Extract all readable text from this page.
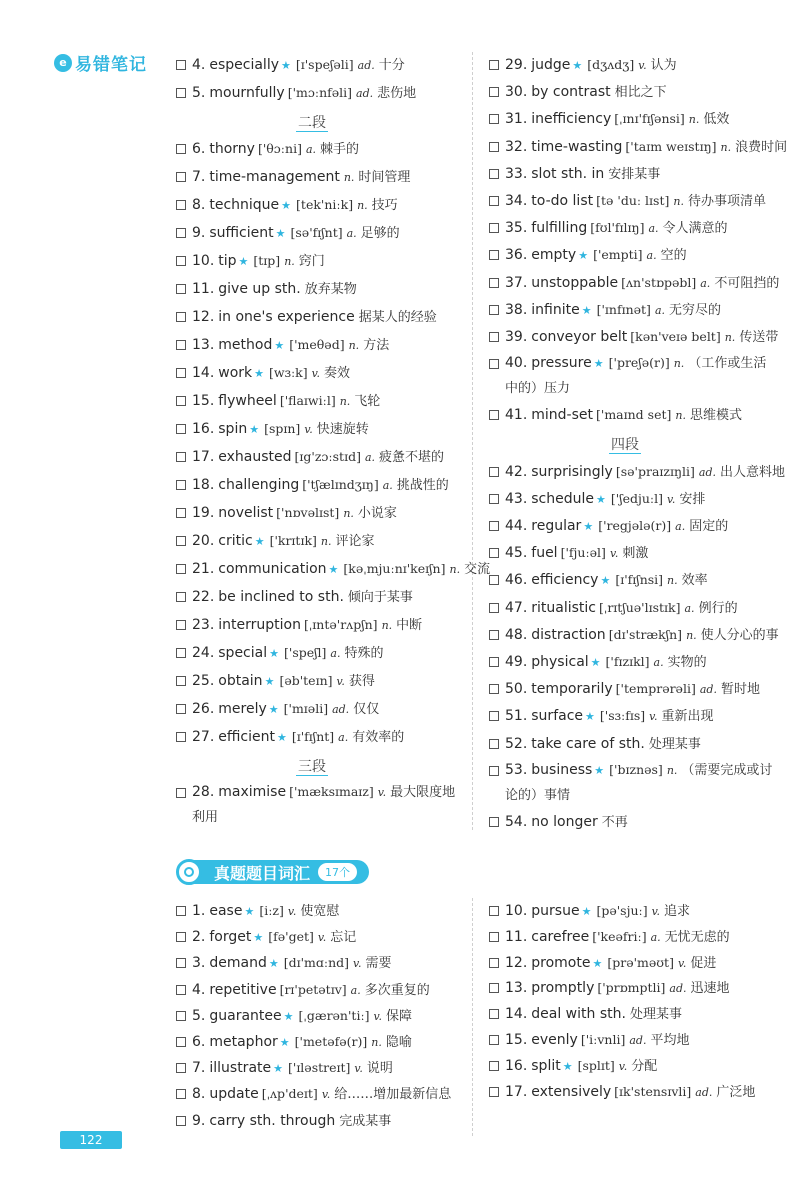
e 易错笔记	4. especially ★ [ɪ'speʃəli] ad. 十分
5. mournfully ['mɔːnfəli] ad. 悲伤地
二段
6. thorny ['θɔːni] a. 棘手的
7. time-management n. 时间管理
8. technique ★ [tek'niːk] n. 技巧
9. sufficient ★ [sə'fɪʃnt] a. 足够的
10. tip ★ [tɪp] n. 窍门
11. give up sth. 放弃某物
12. in one's experience 据某人的经验
13. method ★ ['meθəd] n. 方法
14. work ★ [wɜːk] v. 奏效
15. flywheel ['flaɪwiːl] n. 飞轮
16. spin ★ [spɪn] v. 快速旋转
17. exhausted [ɪg'zɔːstɪd] a. 疲惫不堪的
18. challenging ['tʃælɪndʒɪŋ] a. 挑战性的
19. novelist ['nɒvəlɪst] n. 小说家
20. critic ★ ['krɪtɪk] n. 评论家
21. communication ★ [kəˌmjuːnɪ'keɪʃn] n. 交流
22. be inclined to sth. 倾向于某事
23. interruption [ˌɪntə'rʌpʃn] n. 中断
24. special ★ ['speʃl] a. 特殊的
25. obtain ★ [əb'teɪn] v. 获得
26. merely ★ ['mɪəli] ad. 仅仅
27. efficient ★ [ɪ'fɪʃnt] a. 有效率的
三段
28. maximise ['mæksɪmaɪz] v. 最大限度地利用
29. judge ★ [dʒʌdʒ] v. 认为
30. by contrast 相比之下
31. inefficiency [ˌɪnɪ'fɪʃənsi] n. 低效
32. time-wasting ['taɪm weɪstɪŋ] n. 浪费时间
33. slot sth. in 安排某事
34. to-do list [tə 'duː lɪst] n. 待办事项清单
35. fulfilling [fʊl'fɪlɪŋ] a. 令人满意的
36. empty ★ ['empti] a. 空的
37. unstoppable [ʌn'stɒpəbl] a. 不可阻挡的
38. infinite ★ ['ɪnfɪnət] a. 无穷尽的
39. conveyor belt [kən'veɪə belt] n. 传送带
40. pressure ★ ['preʃə(r)] n. （工作或生活中的）压力
41. mind-set ['maɪnd set] n. 思维模式
四段
42. surprisingly [sə'praɪzɪŋli] ad. 出人意料地
43. schedule ★ ['ʃedjuːl] v. 安排
44. regular ★ ['regjələ(r)] a. 固定的
45. fuel ['fjuːəl] v. 刺激
46. efficiency ★ [ɪ'fɪʃnsi] n. 效率
47. ritualistic [ˌrɪtʃuə'lɪstɪk] a. 例行的
48. distraction [dɪ'strækʃn] n. 使人分心的事
49. physical ★ ['fɪzɪkl] a. 实物的
50. temporarily ['temprərəli] ad. 暂时地
51. surface ★ ['sɜːfɪs] v. 重新出现
52. take care of sth. 处理某事
53. business ★ ['bɪznəs] n. （需要完成或讨论的）事情
54. no longer 不再
真题题目词汇	17个
1. ease ★ [iːz] v. 使宽慰
2. forget ★ [fə'get] v. 忘记
3. demand ★ [dɪ'mɑːnd] v. 需要
4. repetitive [rɪ'petətɪv] a. 多次重复的
5. guarantee ★ [ˌgærən'tiː] v. 保障
6. metaphor ★ ['metəfə(r)] n. 隐喻
7. illustrate ★ ['ɪləstreɪt] v. 说明
8. update [ˌʌp'deɪt] v. 给……增加最新信息
9. carry sth. through 完成某事
10. pursue ★ [pə'sjuː] v. 追求
11. carefree ['keəfriː] a. 无忧无虑的
12. promote ★ [prə'məʊt] v. 促进
13. promptly ['prɒmptli] ad. 迅速地
14. deal with sth. 处理某事
15. evenly ['iːvnli] ad. 平均地
16. split ★ [splɪt] v. 分配
17. extensively [ɪk'stensɪvli] ad. 广泛地
122
